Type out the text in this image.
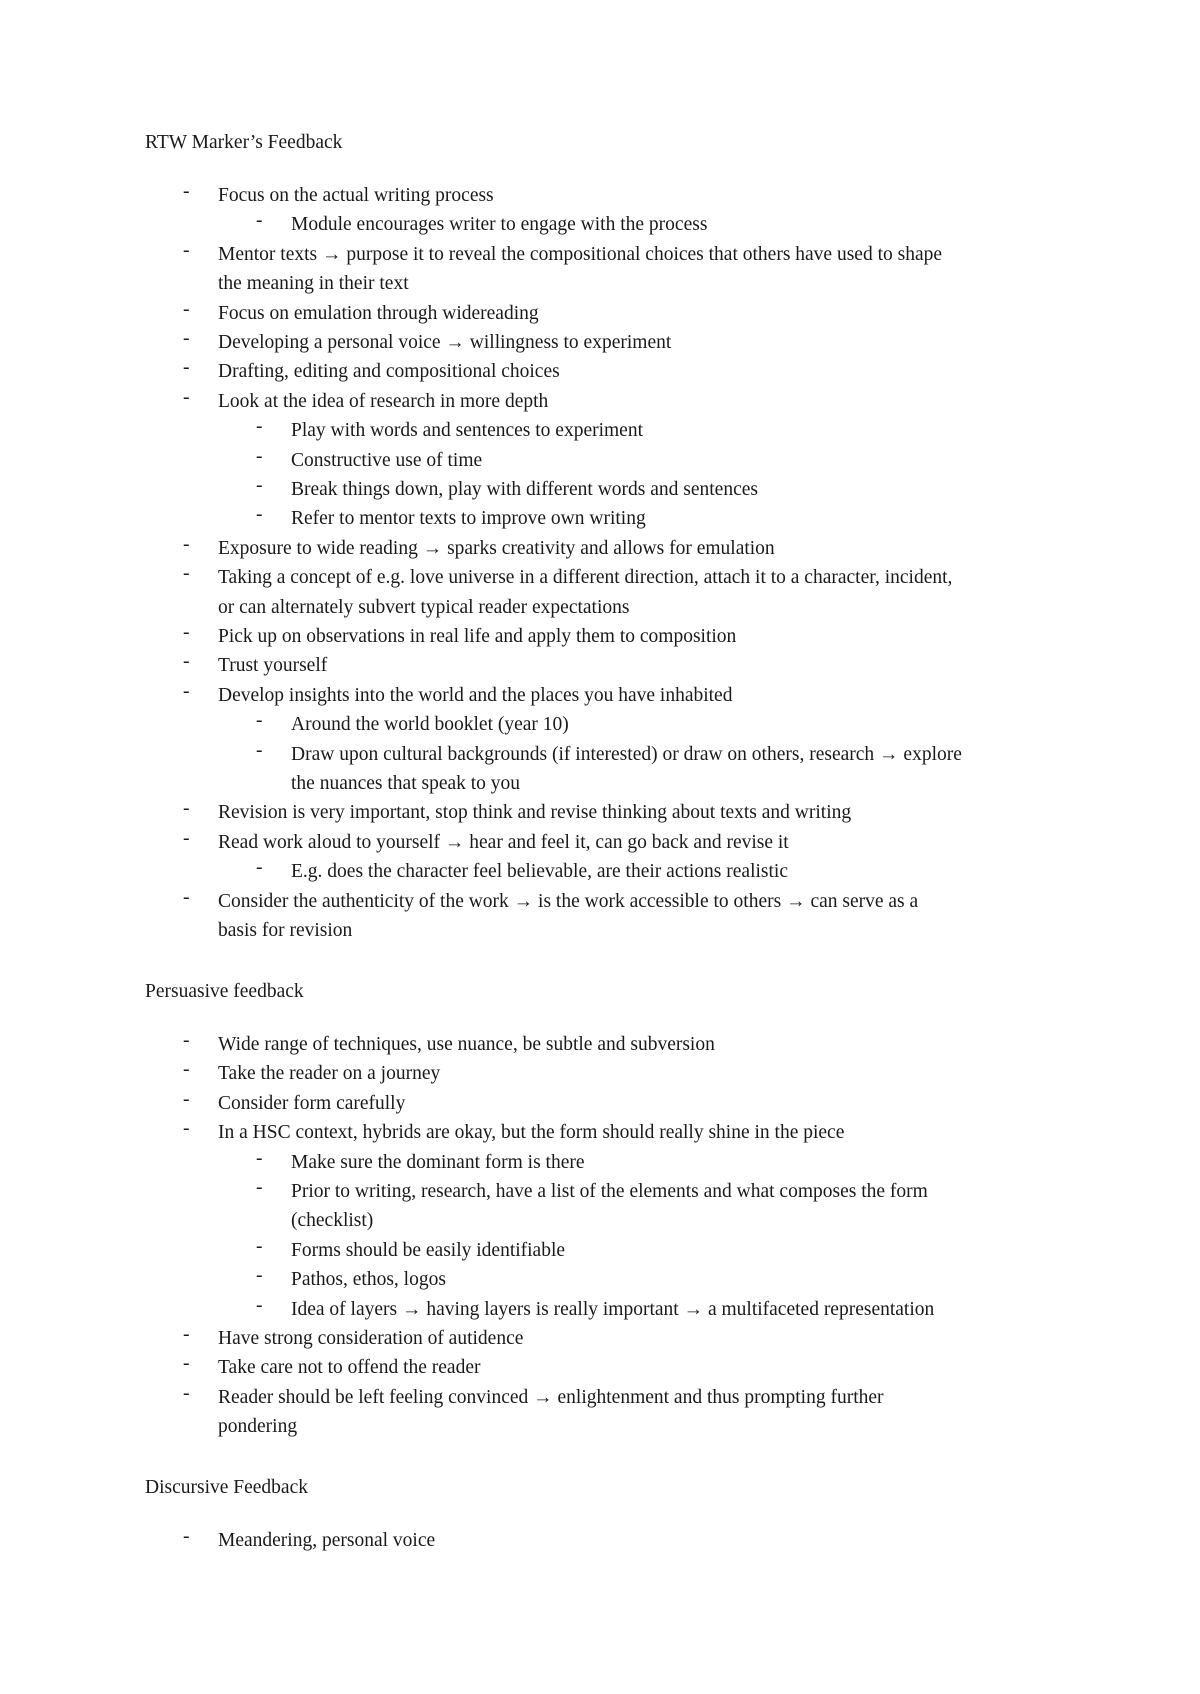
RTW Marker’s Feedback
- Focus on the actual writing process
- Module encourages writer to engage with the process
- Mentor texts → purpose it to reveal the compositional choices that others have used to shape
the meaning in their text
- Focus on emulation through widereading
- Developing a personal voice → willingness to experiment
- Drafting, editing and compositional choices
- Look at the idea of research in more depth
- Play with words and sentences to experiment
- Constructive use of time
- Break things down, play with different words and sentences
- Refer to mentor texts to improve own writing
- Exposure to wide reading → sparks creativity and allows for emulation
- Taking a concept of e.g. love universe in a different direction, attach it to a character, incident,
or can alternately subvert typical reader expectations
- Pick up on observations in real life and apply them to composition
- Trust yourself
- Develop insights into the world and the places you have inhabited
- Around the world booklet (year 10)
- Draw upon cultural backgrounds (if interested) or draw on others, research → explore
the nuances that speak to you
- Revision is very important, stop think and revise thinking about texts and writing
- Read work aloud to yourself → hear and feel it, can go back and revise it
- E.g. does the character feel believable, are their actions realistic
- Consider the authenticity of the work → is the work accessible to others → can serve as a
basis for revision
Persuasive feedback
- Wide range of techniques, use nuance, be subtle and subversion
- Take the reader on a journey
- Consider form carefully
- In a HSC context, hybrids are okay, but the form should really shine in the piece
- Make sure the dominant form is there
- Prior to writing, research, have a list of the elements and what composes the form
(checklist)
- Forms should be easily identifiable
- Pathos, ethos, logos
- Idea of layers → having layers is really important → a multifaceted representation
- Have strong consideration of autidence
- Take care not to offend the reader
- Reader should be left feeling convinced → enlightenment and thus prompting further
pondering
Discursive Feedback
- Meandering, personal voice
